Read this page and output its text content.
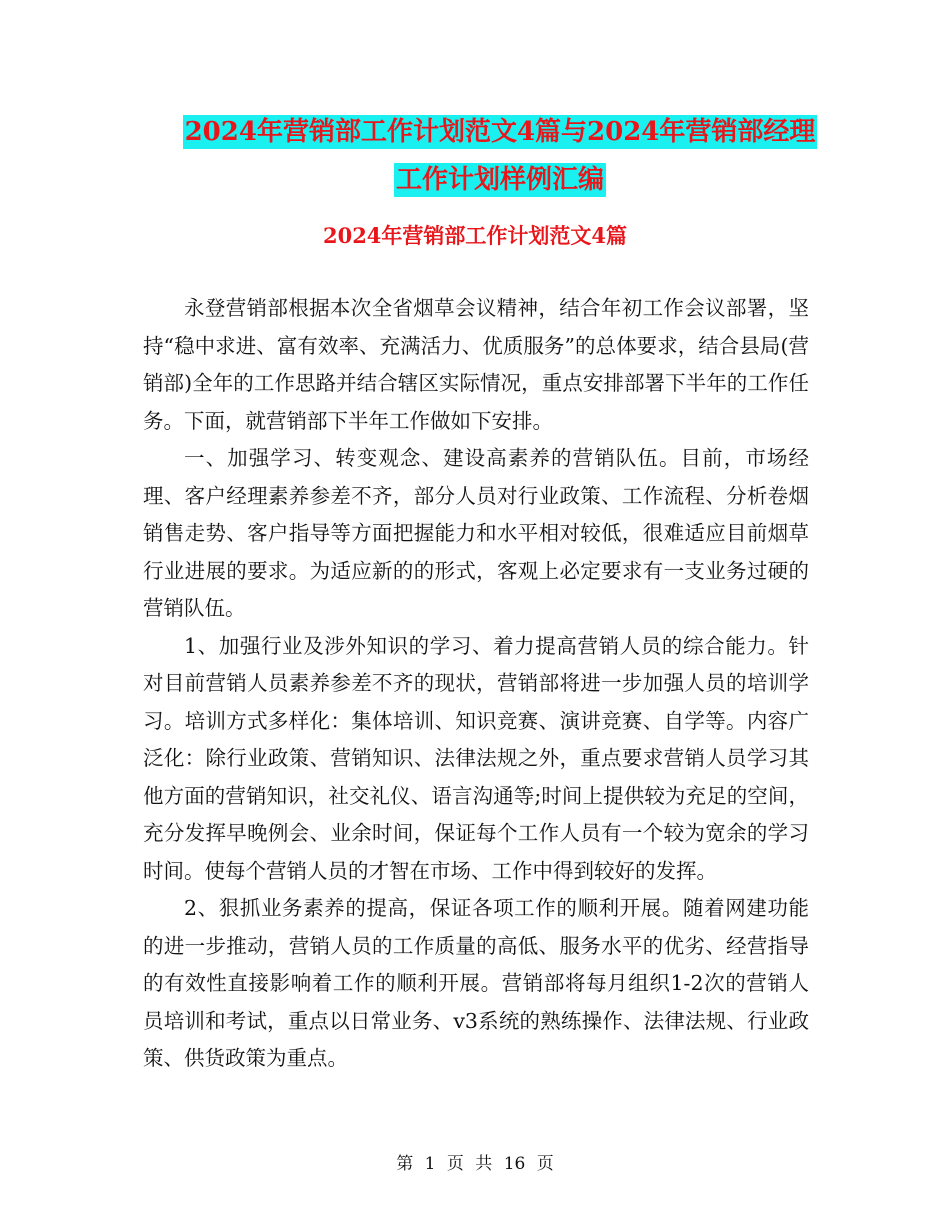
2024年营销部工作计划范文4篇与2024年营销部经理
工作计划样例汇编
2024年营销部工作计划范文4篇

永登营销部根据本次全省烟草会议精神，结合年初工作会议部署，坚持“稳中求进、富有效率、充满活力、优质服务”的总体要求，结合县局(营销部)全年的工作思路并结合辖区实际情况，重点安排部署下半年的工作任务。下面，就营销部下半年工作做如下安排。

一、加强学习、转变观念、建设高素养的营销队伍。目前，市场经理、客户经理素养参差不齐，部分人员对行业政策、工作流程、分析卷烟销售走势、客户指导等方面把握能力和水平相对较低，很难适应目前烟草行业进展的要求。为适应新的的形式，客观上必定要求有一支业务过硬的营销队伍。

1、加强行业及涉外知识的学习、着力提高营销人员的综合能力。针对目前营销人员素养参差不齐的现状，营销部将进一步加强人员的培训学习。培训方式多样化：集体培训、知识竞赛、演讲竞赛、自学等。内容广泛化：除行业政策、营销知识、法律法规之外，重点要求营销人员学习其他方面的营销知识，社交礼仪、语言沟通等;时间上提供较为充足的空间，充分发挥早晚例会、业余时间，保证每个工作人员有一个较为宽余的学习时间。使每个营销人员的才智在市场、工作中得到较好的发挥。

2、狠抓业务素养的提高，保证各项工作的顺利开展。随着网建功能的进一步推动，营销人员的工作质量的高低、服务水平的优劣、经营指导的有效性直接影响着工作的顺利开展。营销部将每月组织1-2次的营销人员培训和考试，重点以日常业务、v3系统的熟练操作、法律法规、行业政策、供货政策为重点。

第 1 页 共 16 页
